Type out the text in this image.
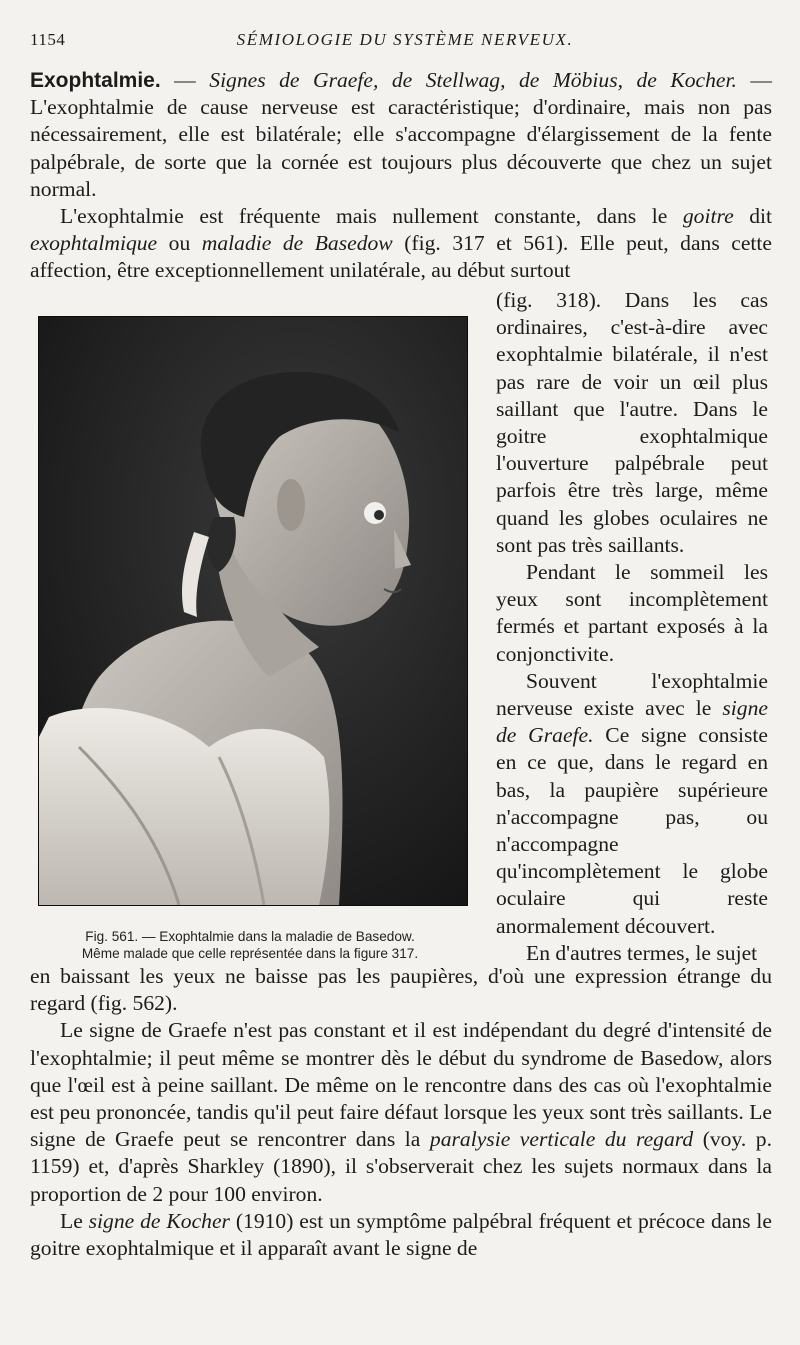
1154	SÉMIOLOGIE DU SYSTÈME NERVEUX.

Exophtalmie. — Signes de Graefe, de Stellwag, de Möbius, de Kocher. — L'exophtalmie de cause nerveuse est caractéristique; d'ordinaire, mais non pas nécessairement, elle est bilatérale; elle s'accompagne d'élargissement de la fente palpébrale, de sorte que la cornée est toujours plus découverte que chez un sujet normal.

L'exophtalmie est fréquente mais nullement constante, dans le goitre dit exophtalmique ou maladie de Basedow (fig. 317 et 561). Elle peut, dans cette affection, être exceptionnellement unilatérale, au début surtout

Fig. 561. — Exophtalmie dans la maladie de Basedow.

Même malade que celle représentée dans la figure 317.

(fig. 318). Dans les cas ordinaires, c'est-à-dire avec exophtalmie bilatérale, il n'est pas rare de voir un œil plus saillant que l'autre. Dans le goitre exophtalmique l'ouverture palpébrale peut parfois être très large, même quand les globes oculaires ne sont pas très saillants.

Pendant le sommeil les yeux sont incomplètement fermés et partant exposés à la conjonctivite.

Souvent l'exophtalmie nerveuse existe avec le signe de Graefe. Ce signe consiste en ce que, dans le regard en bas, la paupière supérieure n'accompagne pas, ou n'accompagne qu'incomplètement le globe oculaire qui reste anormalement découvert.

En d'autres termes, le sujet

en baissant les yeux ne baisse pas les paupières, d'où une expression étrange du regard (fig. 562).

Le signe de Graefe n'est pas constant et il est indépendant du degré d'intensité de l'exophtalmie; il peut même se montrer dès le début du syndrome de Basedow, alors que l'œil est à peine saillant. De même on le rencontre dans des cas où l'exophtalmie est peu prononcée, tandis qu'il peut faire défaut lorsque les yeux sont très saillants. Le signe de Graefe peut se rencontrer dans la paralysie verticale du regard (voy. p. 1159) et, d'après Sharkley (1890), il s'observerait chez les sujets normaux dans la proportion de 2 pour 100 environ.

Le signe de Kocher (1910) est un symptôme palpébral fréquent et précoce dans le goitre exophtalmique et il apparaît avant le signe de
